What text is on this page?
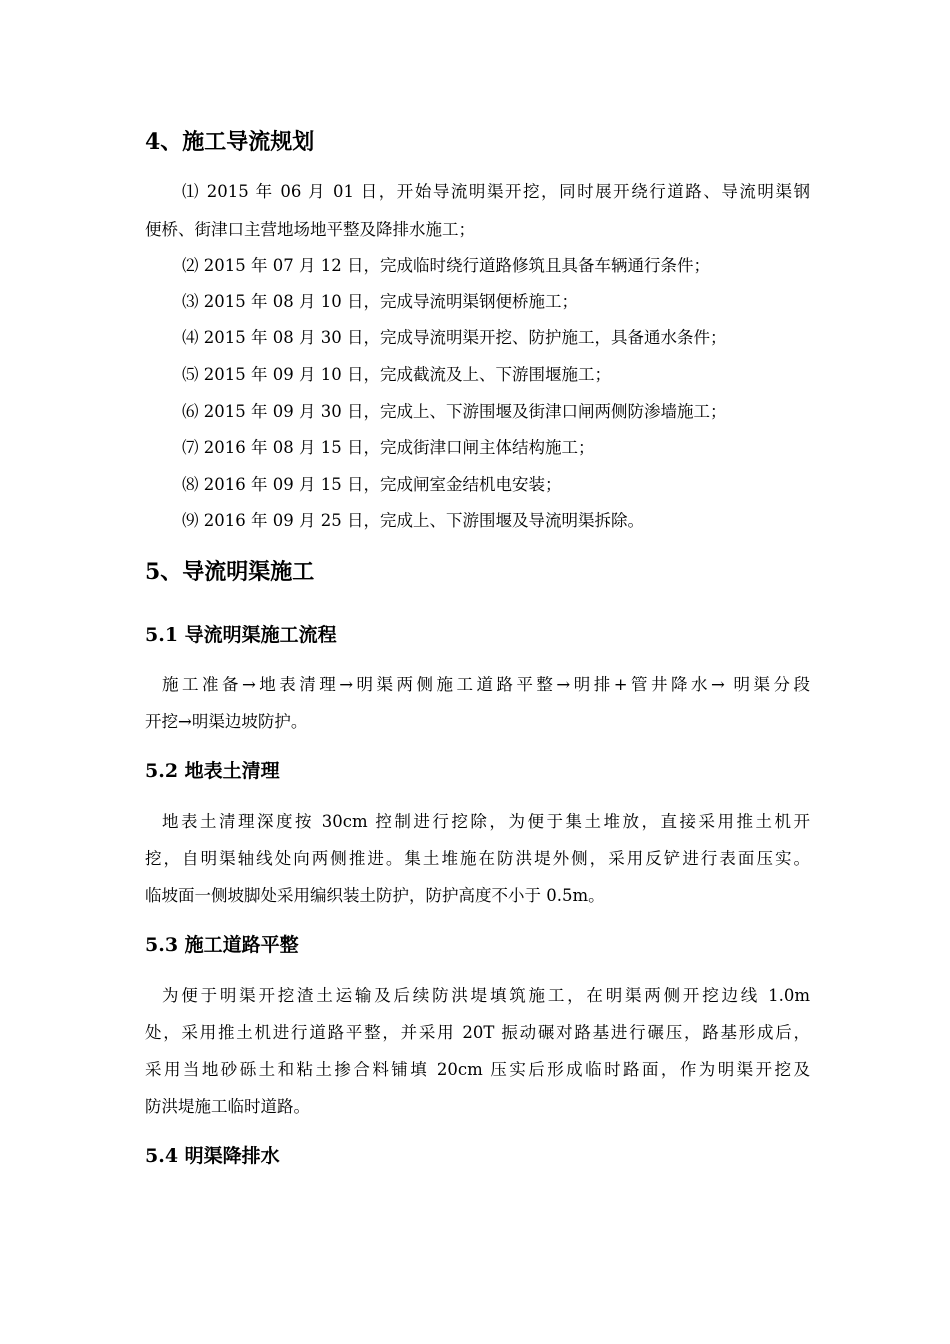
4、施工导流规划
⑴ 2015 年 06 月 01 日，开始导流明渠开挖，同时展开绕行道路、导流明渠钢
便桥、街津口主营地场地平整及降排水施工；
⑵ 2015 年 07 月 12 日，完成临时绕行道路修筑且具备车辆通行条件；
⑶ 2015 年 08 月 10 日，完成导流明渠钢便桥施工；
⑷ 2015 年 08 月 30 日，完成导流明渠开挖、防护施工，具备通水条件；
⑸ 2015 年 09 月 10 日，完成截流及上、下游围堰施工；
⑹ 2015 年 09 月 30 日，完成上、下游围堰及街津口闸两侧防渗墙施工；
⑺ 2016 年 08 月 15 日，完成街津口闸主体结构施工；
⑻ 2016 年 09 月 15 日，完成闸室金结机电安装；
⑼ 2016 年 09 月 25 日，完成上、下游围堰及导流明渠拆除。
5、导流明渠施工
5.1 导流明渠施工流程
施工准备→地表清理→明渠两侧施工道路平整→明排+管井降水→ 明渠分段
开挖→明渠边坡防护。
5.2 地表土清理
地表土清理深度按 30cm 控制进行挖除，为便于集土堆放，直接采用推土机开
挖，自明渠轴线处向两侧推进。集土堆施在防洪堤外侧，采用反铲进行表面压实。
临坡面一侧坡脚处采用编织装土防护，防护高度不小于 0.5m。
5.3 施工道路平整
为便于明渠开挖渣土运输及后续防洪堤填筑施工，在明渠两侧开挖边线 1.0m
处，采用推土机进行道路平整，并采用 20T 振动碾对路基进行碾压，路基形成后，
采用当地砂砾土和粘土掺合料铺填 20cm 压实后形成临时路面，作为明渠开挖及
防洪堤施工临时道路。
5.4 明渠降排水
